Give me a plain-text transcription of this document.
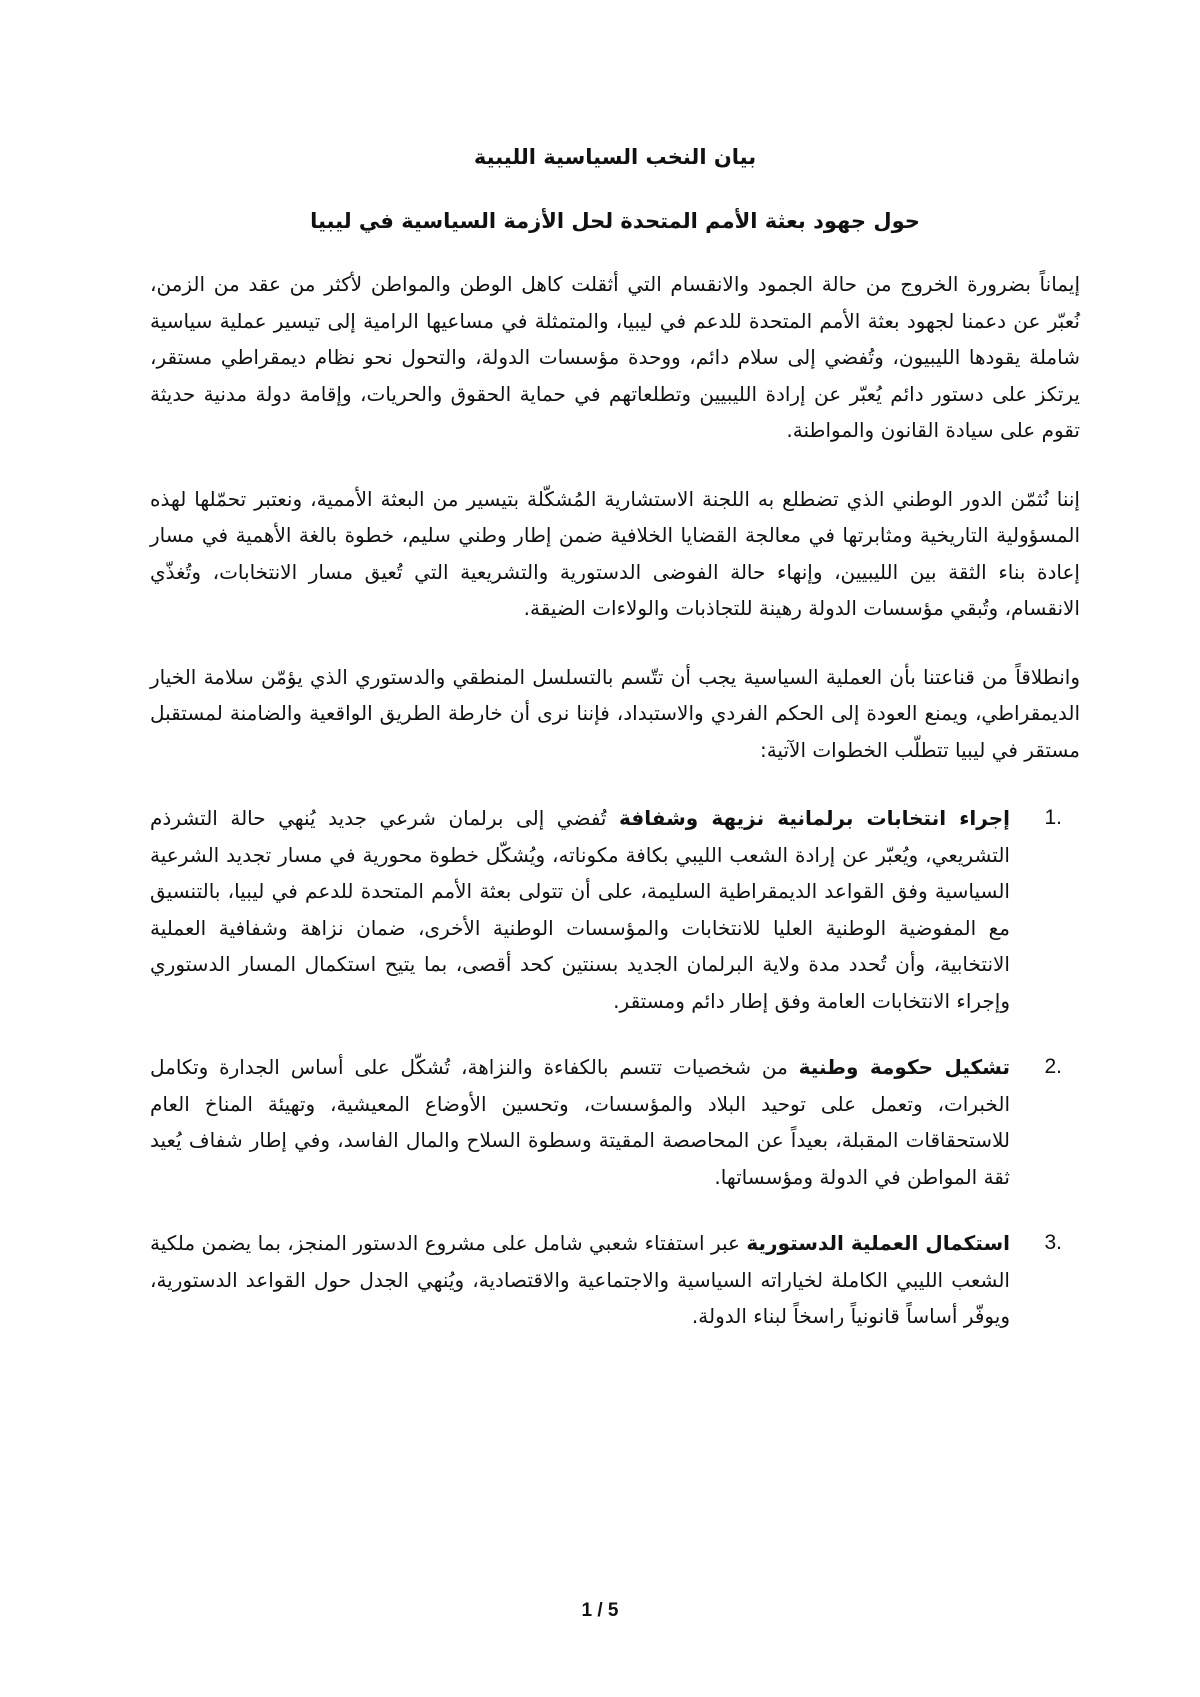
بيان النخب السياسية الليبية
حول جهود بعثة الأمم المتحدة لحل الأزمة السياسية في ليبيا

إيماناً بضرورة الخروج من حالة الجمود والانقسام التي أثقلت كاهل الوطن والمواطن لأكثر من عقد من الزمن، نُعبّر عن دعمنا لجهود بعثة الأمم المتحدة للدعم في ليبيا، والمتمثلة في مساعيها الرامية إلى تيسير عملية سياسية شاملة يقودها الليبيون، وتُفضي إلى سلام دائم، ووحدة مؤسسات الدولة، والتحول نحو نظام ديمقراطي مستقر، يرتكز على دستور دائم يُعبّر عن إرادة الليبيين وتطلعاتهم في حماية الحقوق والحريات، وإقامة دولة مدنية حديثة تقوم على سيادة القانون والمواطنة.

إننا نُثمّن الدور الوطني الذي تضطلع به اللجنة الاستشارية المُشكّلة بتيسير من البعثة الأممية، ونعتبر تحمّلها لهذه المسؤولية التاريخية ومثابرتها في معالجة القضايا الخلافية ضمن إطار وطني سليم، خطوة بالغة الأهمية في مسار إعادة بناء الثقة بين الليبيين، وإنهاء حالة الفوضى الدستورية والتشريعية التي تُعيق مسار الانتخابات، وتُغذّي الانقسام، وتُبقي مؤسسات الدولة رهينة للتجاذبات والولاءات الضيقة.

وانطلاقاً من قناعتنا بأن العملية السياسية يجب أن تتّسم بالتسلسل المنطقي والدستوري الذي يؤمّن سلامة الخيار الديمقراطي، ويمنع العودة إلى الحكم الفردي والاستبداد، فإننا نرى أن خارطة الطريق الواقعية والضامنة لمستقبل مستقر في ليبيا تتطلّب الخطوات الآتية:

1.
إجراء انتخابات برلمانية نزيهة وشفافة تُفضي إلى برلمان شرعي جديد يُنهي حالة التشرذم التشريعي، ويُعبّر عن إرادة الشعب الليبي بكافة مكوناته، ويُشكّل خطوة محورية في مسار تجديد الشرعية السياسية وفق القواعد الديمقراطية السليمة، على أن تتولى بعثة الأمم المتحدة للدعم في ليبيا، بالتنسيق مع المفوضية الوطنية العليا للانتخابات والمؤسسات الوطنية الأخرى، ضمان نزاهة وشفافية العملية الانتخابية، وأن تُحدد مدة ولاية البرلمان الجديد بسنتين كحد أقصى، بما يتيح استكمال المسار الدستوري وإجراء الانتخابات العامة وفق إطار دائم ومستقر.
2.
تشكيل حكومة وطنية من شخصيات تتسم بالكفاءة والنزاهة، تُشكّل على أساس الجدارة وتكامل الخبرات، وتعمل على توحيد البلاد والمؤسسات، وتحسين الأوضاع المعيشية، وتهيئة المناخ العام للاستحقاقات المقبلة، بعيداً عن المحاصصة المقيتة وسطوة السلاح والمال الفاسد، وفي إطار شفاف يُعيد ثقة المواطن في الدولة ومؤسساتها.
3.
استكمال العملية الدستورية عبر استفتاء شعبي شامل على مشروع الدستور المنجز، بما يضمن ملكية الشعب الليبي الكاملة لخياراته السياسية والاجتماعية والاقتصادية، ويُنهي الجدل حول القواعد الدستورية، ويوفّر أساساً قانونياً راسخاً لبناء الدولة.
1 / 5
